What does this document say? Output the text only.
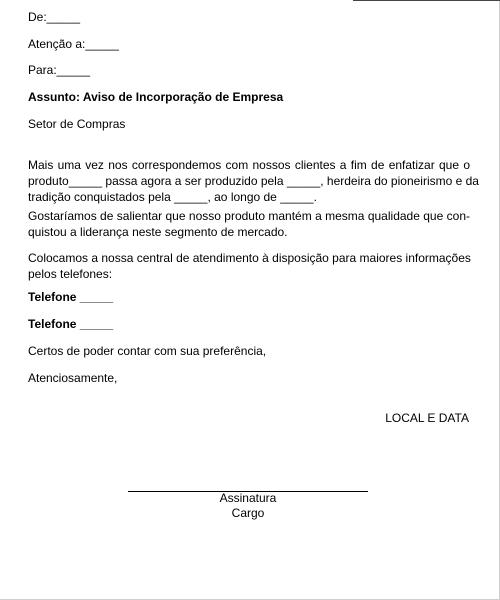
De:_____
Atenção a:_____
Para:_____
Assunto: Aviso de Incorporação de Empresa
Setor de Compras
Mais uma vez nos correspondemos com nossos clientes a fim de enfatizar que o
produto_____ passa agora a ser produzido pela _____, herdeira do pioneirismo e da
tradição conquistados pela _____, ao longo de _____.
Gostaríamos de salientar que nosso produto mantém a mesma qualidade que con-
quistou a liderança neste segmento de mercado.
Colocamos a nossa central de atendimento à disposição para maiores informações
pelos telefones:
Telefone _____
Telefone _____
Certos de poder contar com sua preferência,
Atenciosamente,
LOCAL E DATA
Assinatura
Cargo
